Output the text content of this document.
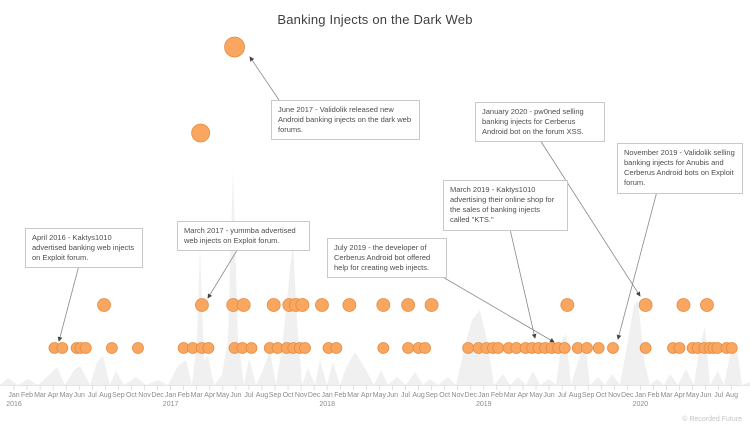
Banking Injects on the Dark Web
April 2016 - Kaktys1010 advertised banking web injects on Exploit forum.
March 2017 - yummba advertised web injects on Exploit forum.
June 2017 - Validolik released new Android banking injects on the dark web forums.
July 2019 - the developer of Cerberus Android bot offered help for creating web injects.
March 2019 - Kaktys1010 advertising their online shop for the sales of banking injects called "KTS."
November 2019 - Validolik selling banking injects for Anubis and Cerberus Android bots on Exploit forum.
January 2020 - pw0ned selling banking injects for Cerberus Android bot on the forum XSS.
Jan Feb Mar Apr May Jun Jul Aug Sep Oct Nov Dec Jan Feb Mar Apr May Jun Jul Aug Sep Oct Nov Dec Jan Feb Mar Apr May Jun Jul Aug Sep Oct Nov Dec Jan Feb Mar Apr May Jun Jul Aug Sep Oct Nov Dec Jan Feb Mar Apr May Jun Jul Aug
2016	2017	2018	2019	2020
© Recorded Future
